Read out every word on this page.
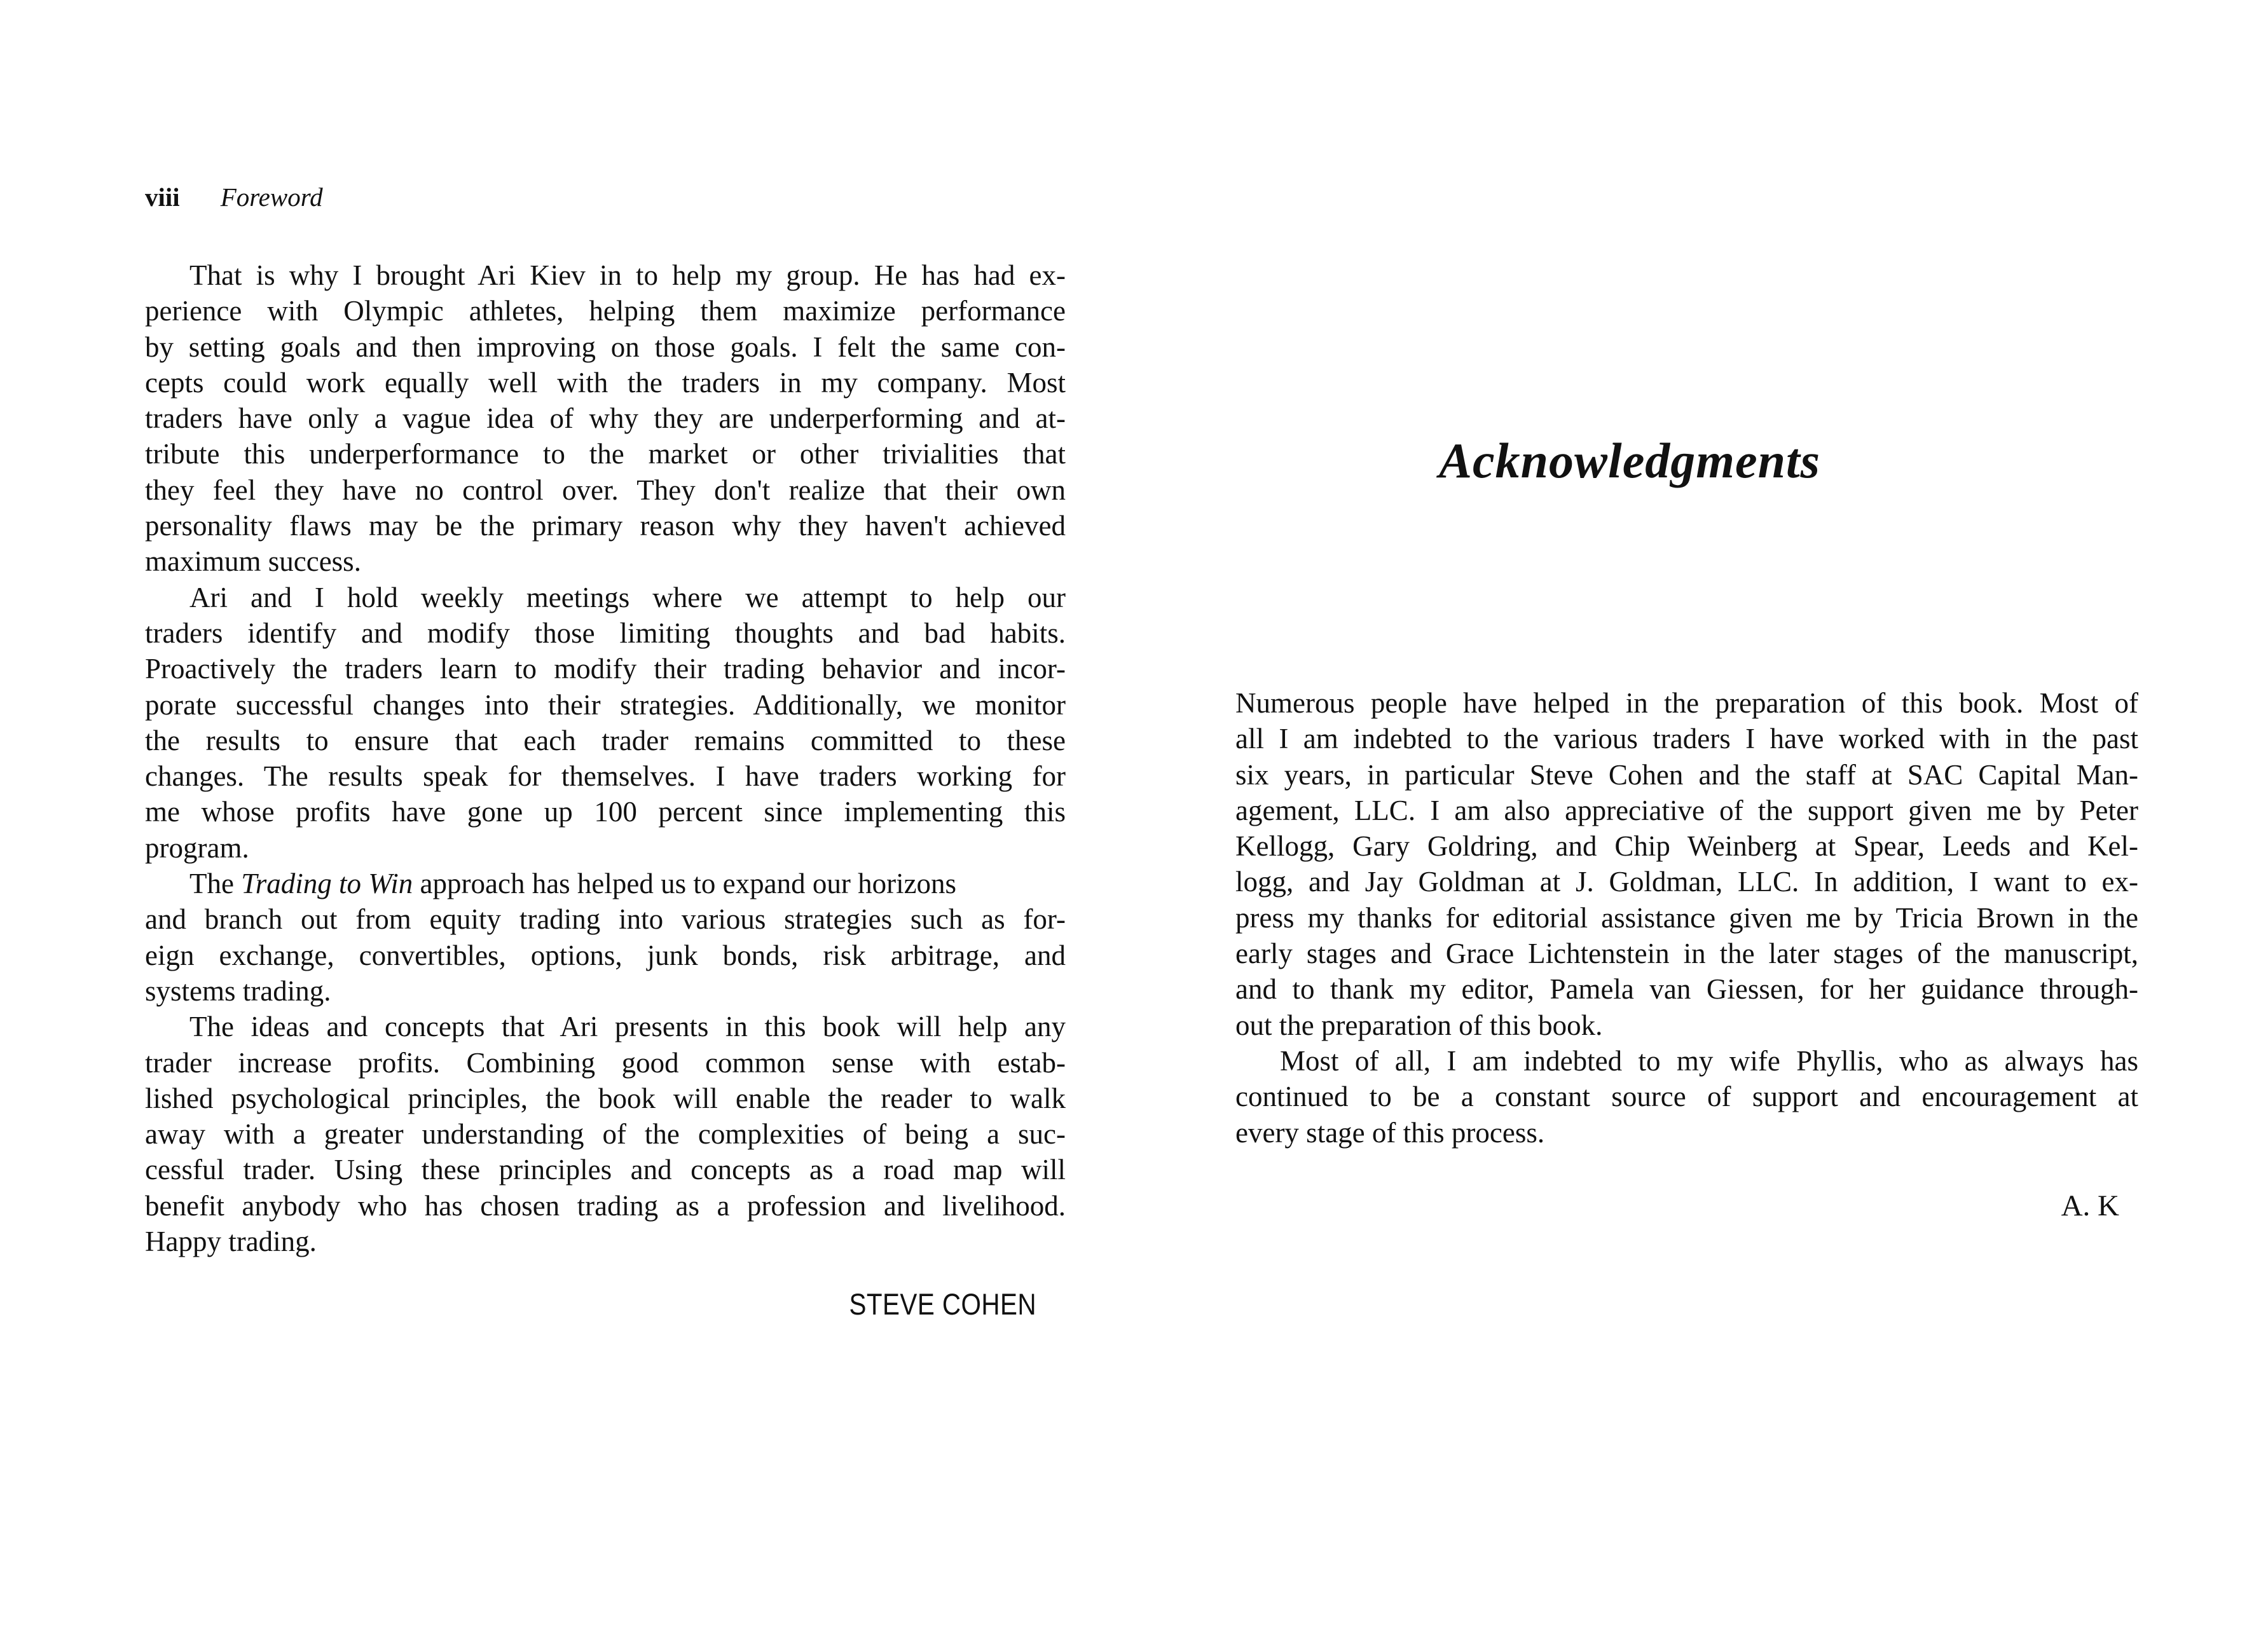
viii Foreword
That is why I brought Ari Kiev in to help my group. He has had ex-
perience with Olympic athletes, helping them maximize performance
by setting goals and then improving on those goals. I felt the same con-
cepts could work equally well with the traders in my company. Most
traders have only a vague idea of why they are underperforming and at-
tribute this underperformance to the market or other trivialities that
they feel they have no control over. They don't realize that their own
personality flaws may be the primary reason why they haven't achieved
maximum success.
Ari and I hold weekly meetings where we attempt to help our
traders identify and modify those limiting thoughts and bad habits.
Proactively the traders learn to modify their trading behavior and incor-
porate successful changes into their strategies. Additionally, we monitor
the results to ensure that each trader remains committed to these
changes. The results speak for themselves. I have traders working for
me whose profits have gone up 100 percent since implementing this
program.
The Trading to Win approach has helped us to expand our horizons
and branch out from equity trading into various strategies such as for-
eign exchange, convertibles, options, junk bonds, risk arbitrage, and
systems trading.
The ideas and concepts that Ari presents in this book will help any
trader increase profits. Combining good common sense with estab-
lished psychological principles, the book will enable the reader to walk
away with a greater understanding of the complexities of being a suc-
cessful trader. Using these principles and concepts as a road map will
benefit anybody who has chosen trading as a profession and livelihood.
Happy trading.
STEVE COHEN
Acknowledgments
Numerous people have helped in the preparation of this book. Most of
all I am indebted to the various traders I have worked with in the past
six years, in particular Steve Cohen and the staff at SAC Capital Man-
agement, LLC. I am also appreciative of the support given me by Peter
Kellogg, Gary Goldring, and Chip Weinberg at Spear, Leeds and Kel-
logg, and Jay Goldman at J. Goldman, LLC. In addition, I want to ex-
press my thanks for editorial assistance given me by Tricia Brown in the
early stages and Grace Lichtenstein in the later stages of the manuscript,
and to thank my editor, Pamela van Giessen, for her guidance through-
out the preparation of this book.
Most of all, I am indebted to my wife Phyllis, who as always has
continued to be a constant source of support and encouragement at
every stage of this process.
A. K
